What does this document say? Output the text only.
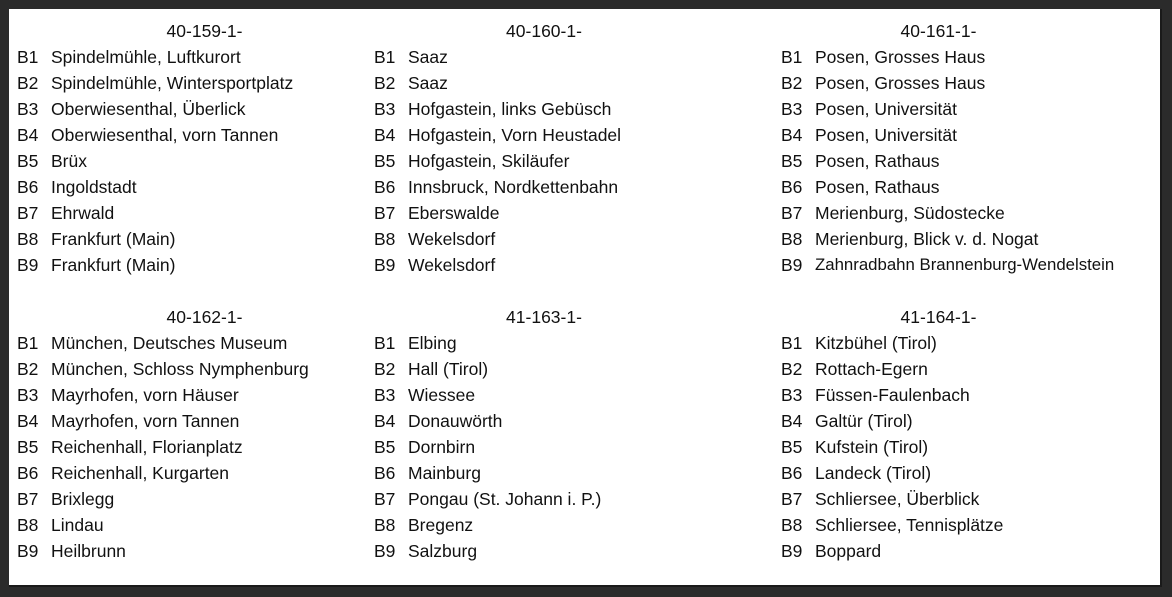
40-159-1-
B1 Spindelmühle, Luftkurort
B2 Spindelmühle, Wintersportplatz
B3 Oberwiesenthal, Überlick
B4 Oberwiesenthal, vorn Tannen
B5 Brüx
B6 Ingoldstadt
B7 Ehrwald
B8 Frankfurt (Main)
B9 Frankfurt (Main)
40-160-1-
B1 Saaz
B2 Saaz
B3 Hofgastein, links Gebüsch
B4 Hofgastein, Vorn Heustadel
B5 Hofgastein, Skiläufer
B6 Innsbruck, Nordkettenbahn
B7 Eberswalde
B8 Wekelsdorf
B9 Wekelsdorf
40-161-1-
B1 Posen, Grosses Haus
B2 Posen, Grosses Haus
B3 Posen, Universität
B4 Posen, Universität
B5 Posen, Rathaus
B6 Posen, Rathaus
B7 Merienburg, Südostecke
B8 Merienburg, Blick v. d. Nogat
B9 Zahnradbahn Brannenburg-Wendelstein
40-162-1-
B1 München, Deutsches Museum
B2 München, Schloss Nymphenburg
B3 Mayrhofen, vorn Häuser
B4 Mayrhofen, vorn Tannen
B5 Reichenhall, Florianplatz
B6 Reichenhall, Kurgarten
B7 Brixlegg
B8 Lindau
B9 Heilbrunn
41-163-1-
B1 Elbing
B2 Hall (Tirol)
B3 Wiessee
B4 Donauwörth
B5 Dornbirn
B6 Mainburg
B7 Pongau (St. Johann i. P.)
B8 Bregenz
B9 Salzburg
41-164-1-
B1 Kitzbühel (Tirol)
B2 Rottach-Egern
B3 Füssen-Faulenbach
B4 Galtür (Tirol)
B5 Kufstein (Tirol)
B6 Landeck (Tirol)
B7 Schliersee, Überblick
B8 Schliersee, Tennisplätze
B9 Boppard
